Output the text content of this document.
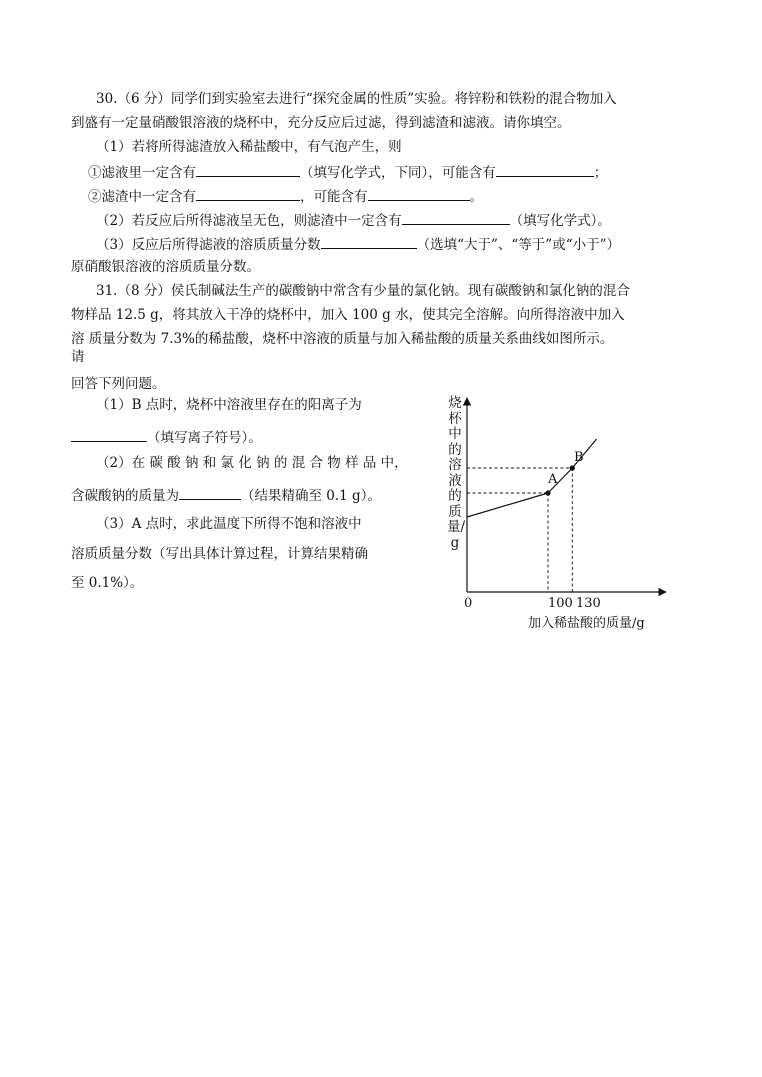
30.（6 分）同学们到实验室去进行“探究金属的性质”实验。将锌粉和铁粉的混合物加入
到盛有一定量硝酸银溶液的烧杯中，充分反应后过滤，得到滤渣和滤液。请你填空。
（1）若将所得滤渣放入稀盐酸中，有气泡产生，则
①滤液里一定含有	（填写化学式，下同），可能含有	；
②滤渣中一定含有	，可能含有	。
（2）若反应后所得滤液呈无色，则滤渣中一定含有	（填写化学式）。
（3）反应后所得滤液的溶质质量分数	（选填“大于”、“等于”或“小于”）
原硝酸银溶液的溶质质量分数。
31.（8 分）侯氏制碱法生产的碳酸钠中常含有少量的氯化钠。现有碳酸钠和氯化钠的混合
物样品 12.5 g，将其放入干净的烧杯中，加入 100 g 水，使其完全溶解。向所得溶液中加入
溶 质量分数为 7.3%的稀盐酸，烧杯中溶液的质量与加入稀盐酸的质量关系曲线如图所示。
请
回答下列问题。
（1）B 点时，烧杯中溶液里存在的阳离子为
（填写离子符号）。
（2）在 碳 酸 钠 和 氯 化 钠 的 混 合 物 样 品 中，
含碳酸钠的质量为	（结果精确至 0.1 g）。
（3）A 点时，求此温度下所得不饱和溶液中
溶质质量分数（写出具体计算过程，计算结果精确
至 0.1%）。
烧杯中的溶液的质量/g
0	100 130
加入稀盐酸的质量/g
A
B
